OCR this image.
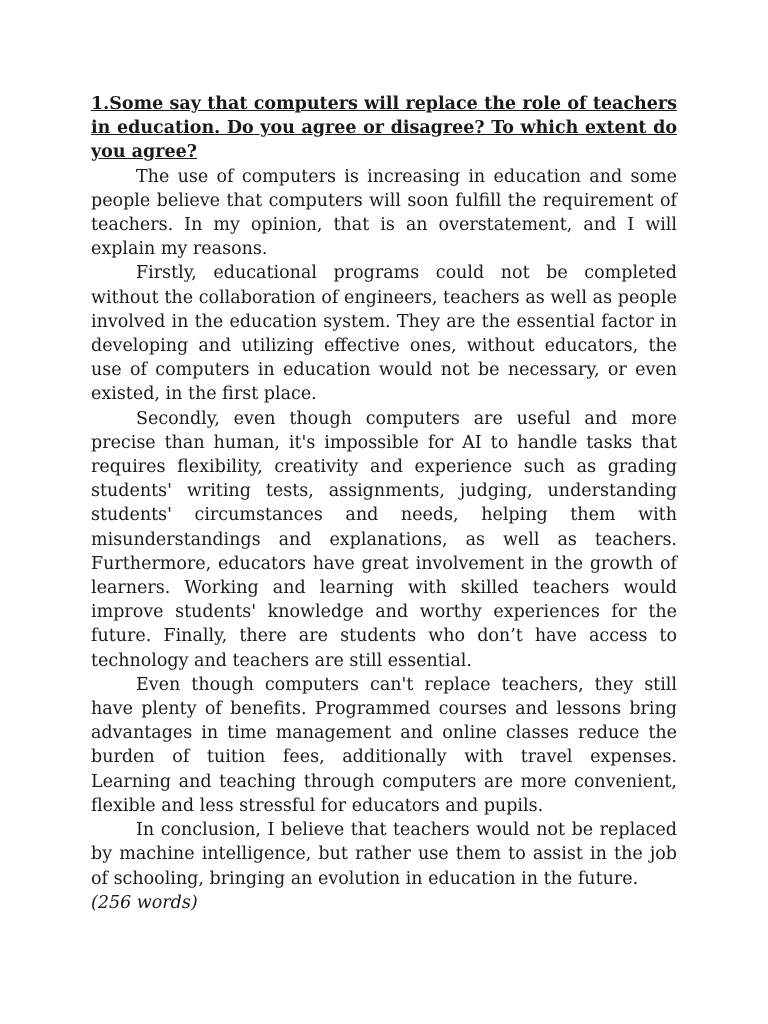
1.Some say that computers will replace the role of teachers in education. Do you agree or disagree? To which extent do you agree?

The use of computers is increasing in education and some people believe that computers will soon fulfill the requirement of teachers. In my opinion, that is an overstatement, and I will explain my reasons.

Firstly, educational programs could not be completed without the collaboration of engineers, teachers as well as people involved in the education system. They are the essential factor in developing and utilizing effective ones, without educators, the use of computers in education would not be necessary, or even existed, in the first place.

Secondly, even though computers are useful and more precise than human, it's impossible for AI to handle tasks that requires flexibility, creativity and experience such as grading students' writing tests, assignments, judging, understanding students' circumstances and needs, helping them with misunderstandings and explanations, as well as teachers. Furthermore, educators have great involvement in the growth of learners. Working and learning with skilled teachers would improve students' knowledge and worthy experiences for the future. Finally, there are students who don’t have access to technology and teachers are still essential.

Even though computers can't replace teachers, they still have plenty of benefits. Programmed courses and lessons bring advantages in time management and online classes reduce the burden of tuition fees, additionally with travel expenses. Learning and teaching through computers are more convenient, flexible and less stressful for educators and pupils.

In conclusion, I believe that teachers would not be replaced by machine intelligence, but rather use them to assist in the job of schooling, bringing an evolution in education in the future.

(256 words)
